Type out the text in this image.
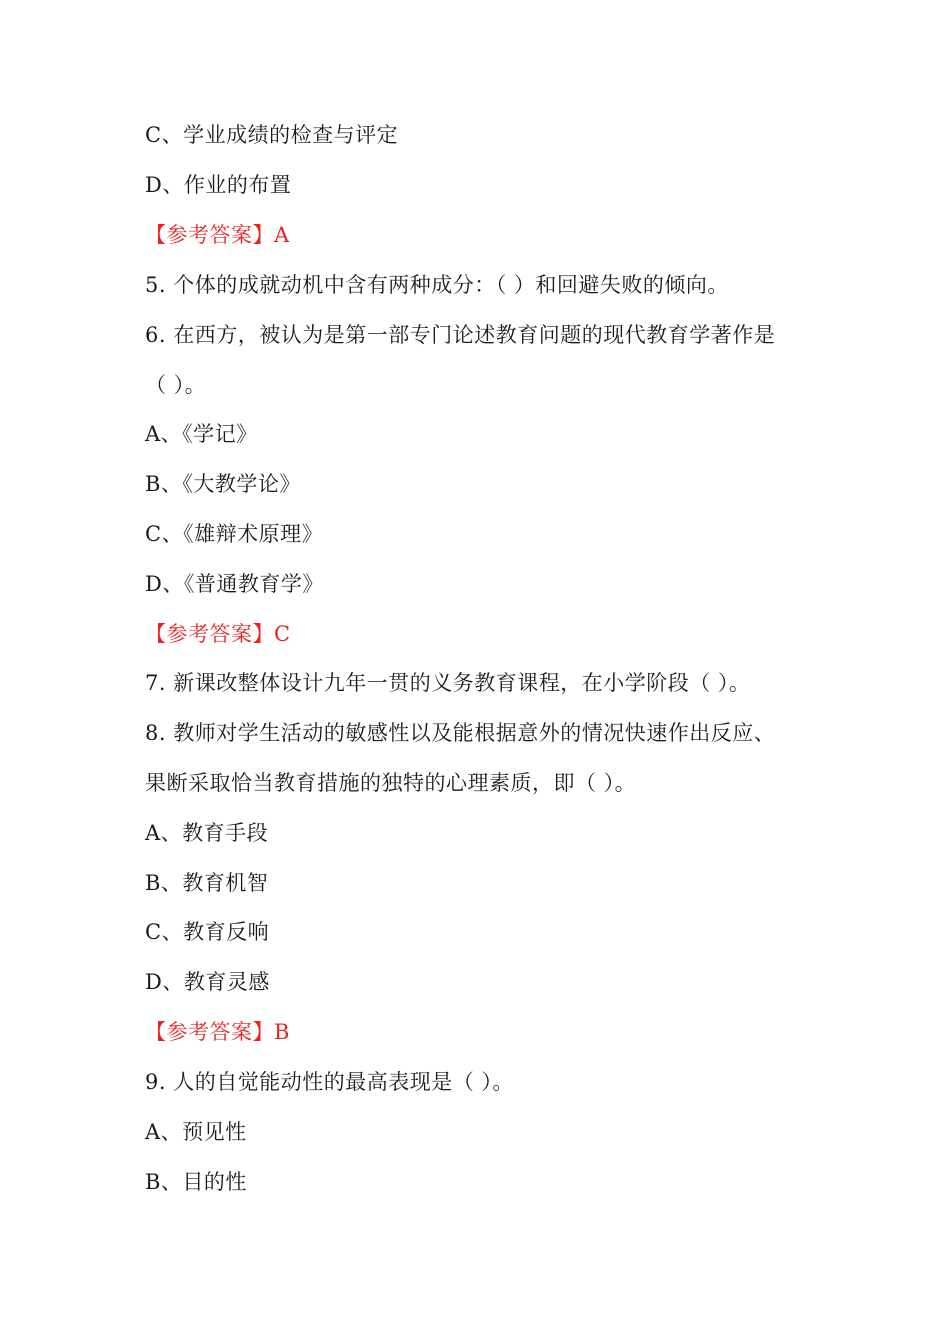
C、学业成绩的检查与评定
D、作业的布置
【参考答案】A
5. 个体的成就动机中含有两种成分：（ ）和回避失败的倾向。
6. 在西方，被认为是第一部专门论述教育问题的现代教育学著作是
（ ）。
A、《学记》
B、《大教学论》
C、《雄辩术原理》
D、《普通教育学》
【参考答案】C
7. 新课改整体设计九年一贯的义务教育课程，在小学阶段（ ）。
8. 教师对学生活动的敏感性以及能根据意外的情况快速作出反应、
果断采取恰当教育措施的独特的心理素质，即（ ）。
A、教育手段
B、教育机智
C、教育反响
D、教育灵感
【参考答案】B
9. 人的自觉能动性的最高表现是（ ）。
A、预见性
B、目的性
